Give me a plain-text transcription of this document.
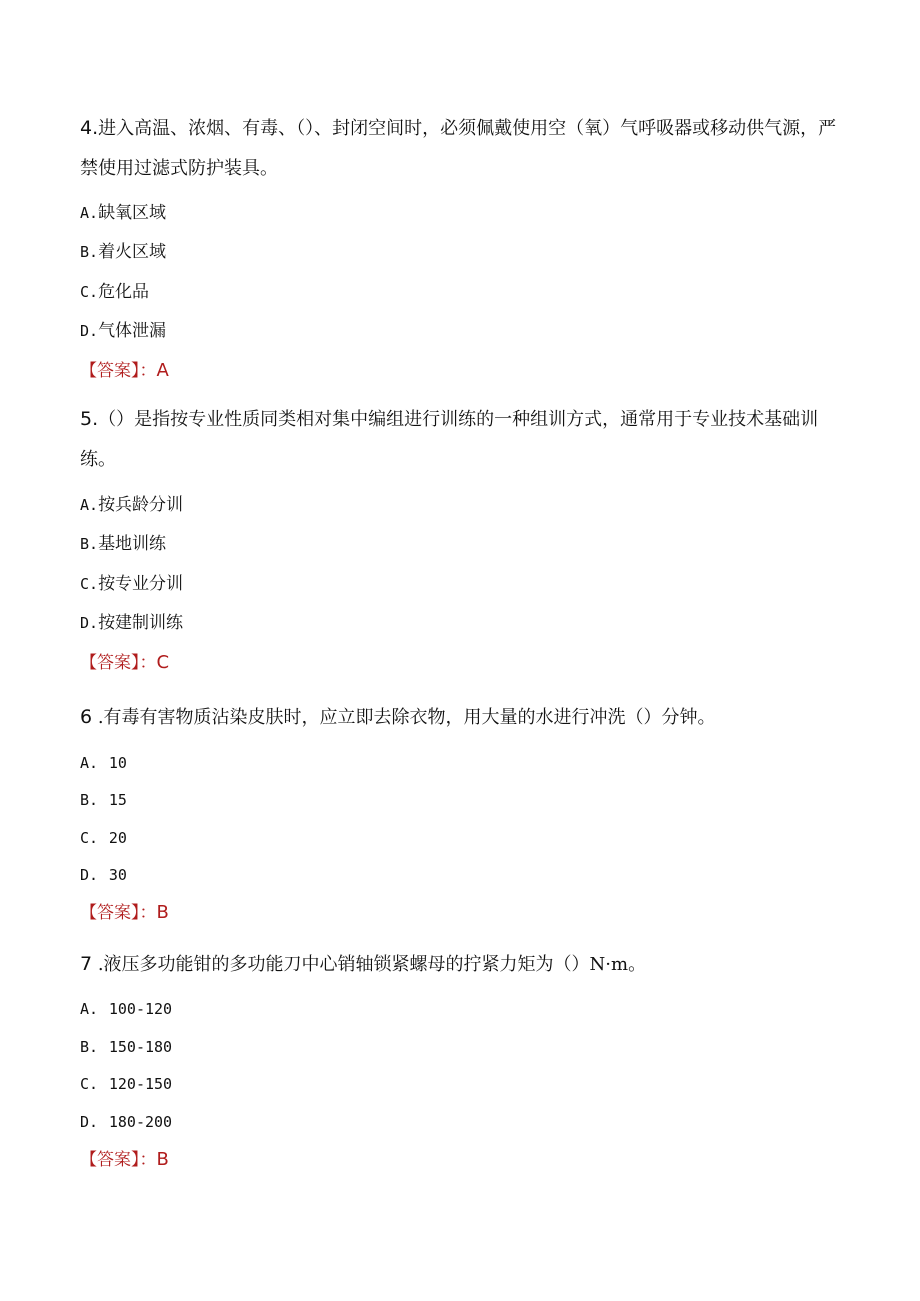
4.进入高温、浓烟、有毒、（）、封闭空间时，必须佩戴使用空（氧）气呼吸器或移动供气源，严禁使用过滤式防护装具。

A.缺氧区域

B.着火区域

C.危化品

D.气体泄漏

【答案】：A

5.（）是指按专业性质同类相对集中编组进行训练的一种组训方式，通常用于专业技术基础训练。

A.按兵龄分训

B.基地训练

C.按专业分训

D.按建制训练

【答案】：C

6 .有毒有害物质沾染皮肤时，应立即去除衣物，用大量的水进行冲洗（）分钟。

A. 10

B. 15

C. 20

D. 30

【答案】：B

7 .液压多功能钳的多功能刀中心销轴锁紧螺母的拧紧力矩为（）N·m。

A. 100-120

B. 150-180

C. 120-150

D. 180-200

【答案】：B
